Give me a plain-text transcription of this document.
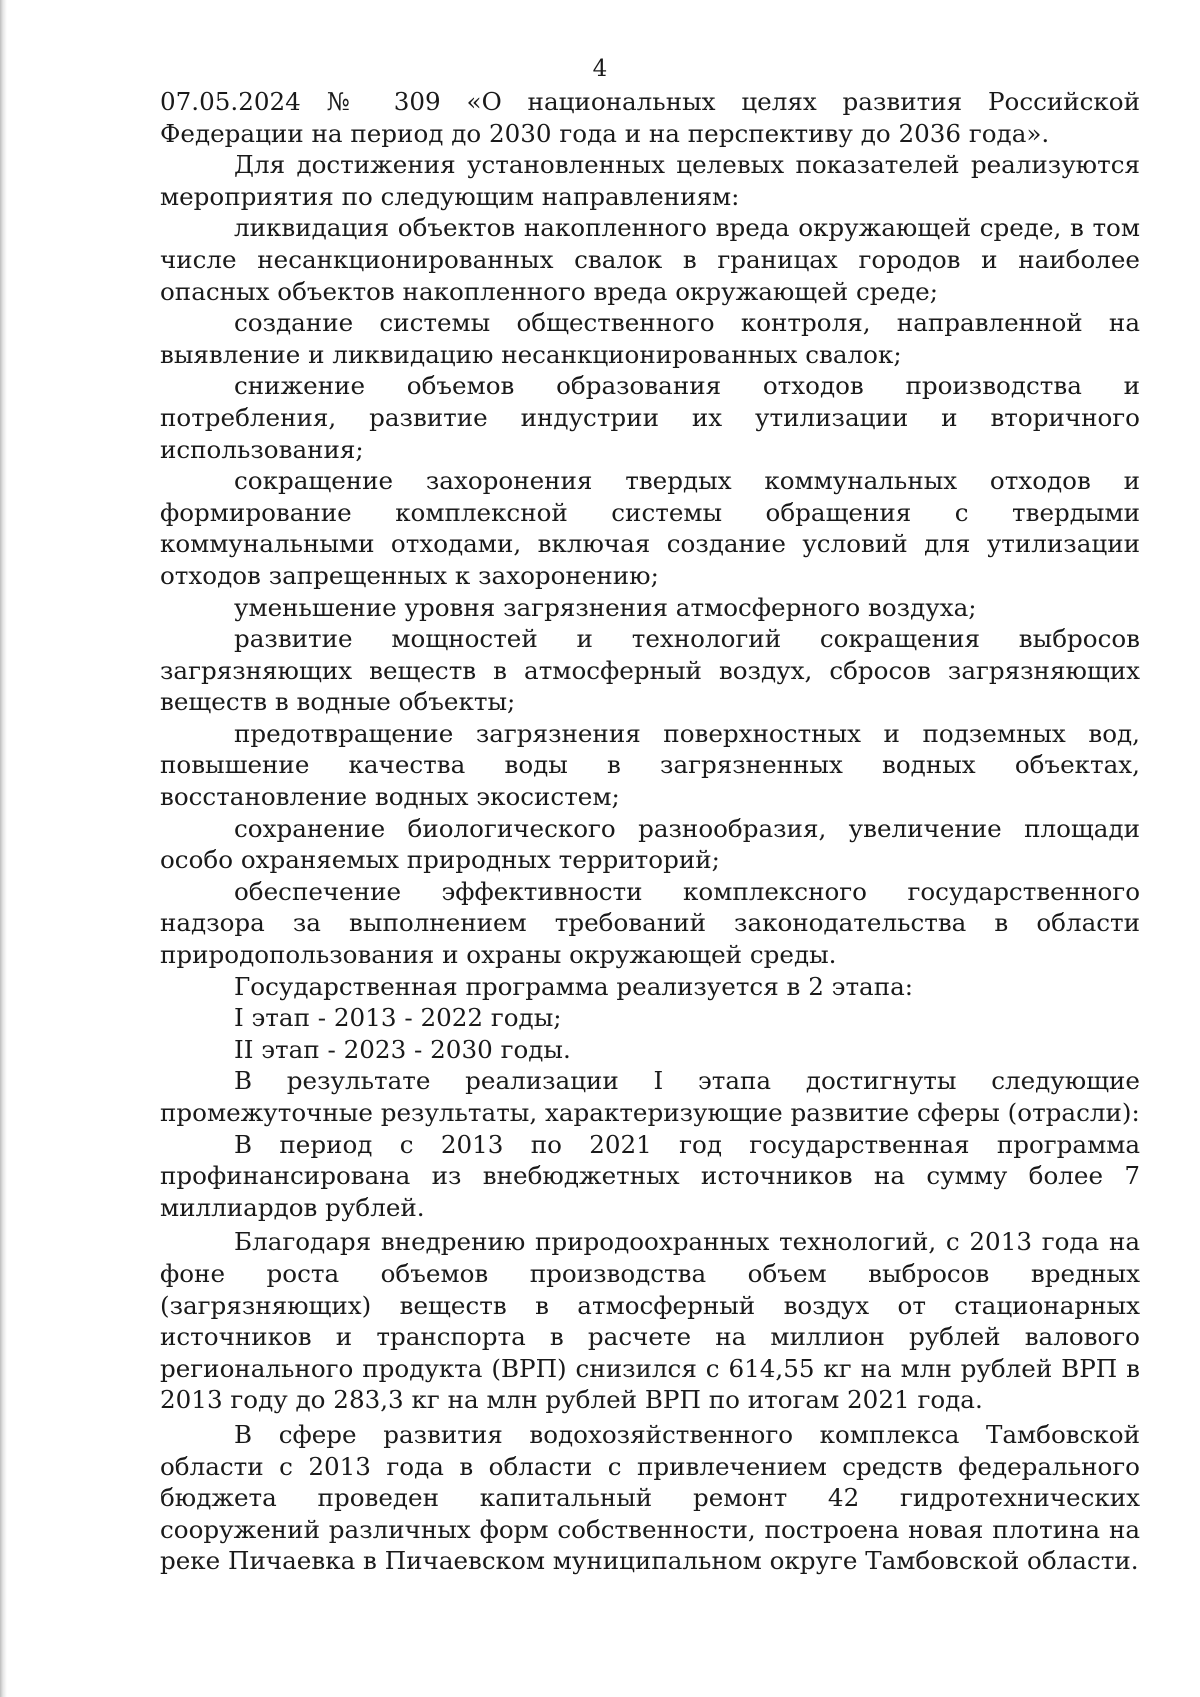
4

07.05.2024 № 309 «О национальных целях развития Российской Федерации на период до 2030 года и на перспективу до 2036 года».

Для достижения установленных целевых показателей реализуются мероприятия по следующим направлениям:

ликвидация объектов накопленного вреда окружающей среде, в том числе несанкционированных свалок в границах городов и наиболее опасных объектов накопленного вреда окружающей среде;

создание системы общественного контроля, направленной на выявление и ликвидацию несанкционированных свалок;

снижение объемов образования отходов производства и потребления, развитие индустрии их утилизации и вторичного использования;

сокращение захоронения твердых коммунальных отходов и формирование комплексной системы обращения с твердыми коммунальными отходами, включая создание условий для утилизации отходов запрещенных к захоронению;

уменьшение уровня загрязнения атмосферного воздуха;

развитие мощностей и технологий сокращения выбросов загрязняющих веществ в атмосферный воздух, сбросов загрязняющих веществ в водные объекты;

предотвращение загрязнения поверхностных и подземных вод, повышение качества воды в загрязненных водных объектах, восстановление водных экосистем;

сохранение биологического разнообразия, увеличение площади особо охраняемых природных территорий;

обеспечение эффективности комплексного государственного надзора за выполнением требований законодательства в области природопользования и охраны окружающей среды.

Государственная программа реализуется в 2 этапа:

I этап - 2013 - 2022 годы;

II этап - 2023 - 2030 годы.

В результате реализации I этапа достигнуты следующие промежуточные результаты, характеризующие развитие сферы (отрасли):

В период с 2013 по 2021 год государственная программа профинансирована из внебюджетных источников на сумму более 7 миллиардов рублей.

Благодаря внедрению природоохранных технологий, с 2013 года на фоне роста объемов производства объем выбросов вредных (загрязняющих) веществ в атмосферный воздух от стационарных источников и транспорта в расчете на миллион рублей валового регионального продукта (ВРП) снизился с 614,55 кг на млн рублей ВРП в 2013 году до 283,3 кг на млн рублей ВРП по итогам 2021 года.

В сфере развития водохозяйственного комплекса Тамбовской области с 2013 года в области с привлечением средств федерального бюджета проведен капитальный ремонт 42 гидротехнических сооружений различных форм собственности, построена новая плотина на реке Пичаевка в Пичаевском муниципальном округе Тамбовской области.
